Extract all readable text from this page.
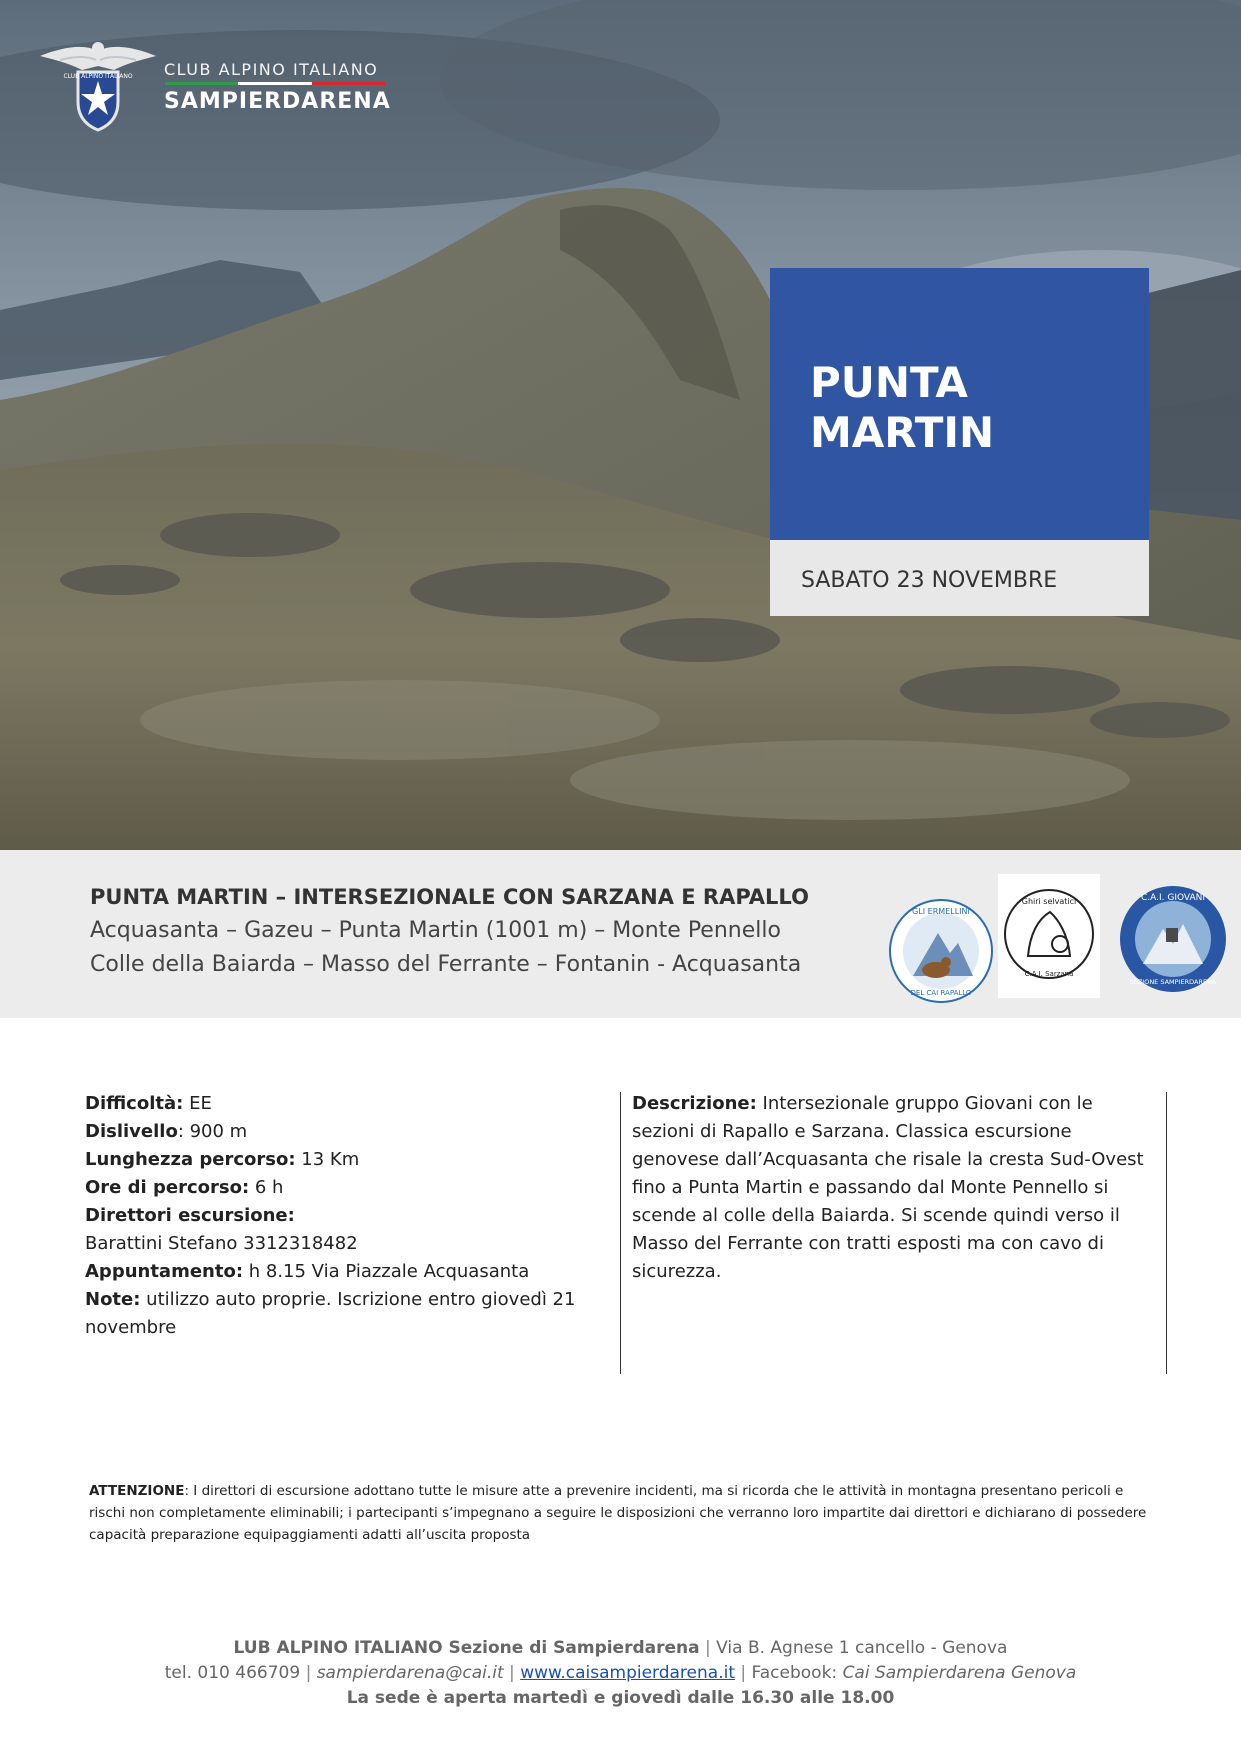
CLUB ALPINO ITALIANO CLUB ALPINO ITALIANO
SAMPIERDARENA
PUNTA
MARTIN
SABATO 23 NOVEMBRE
PUNTA MARTIN – INTERSEZIONALE CON SARZANA E RAPALLO
Acquasanta – Gazeu – Punta Martin (1001 m) – Monte Pennello
Colle della Baiarda – Masso del Ferrante – Fontanin - Acquasanta
GLI ERMELLINI
DEL CAI RAPALLO
Ghiri selvatici
C.A.I. Sarzana
C.A.I. GIOVANI
SEZIONE SAMPIERDARENA
Difficoltà: EE
Dislivello: 900 m
Lunghezza percorso: 13 Km
Ore di percorso: 6 h
Direttori escursione:
Barattini Stefano 3312318482
Appuntamento: h 8.15 Via Piazzale Acquasanta
Note: utilizzo auto proprie. Iscrizione entro giovedì 21 novembre
Descrizione: Intersezionale gruppo Giovani con le sezioni di Rapallo e Sarzana. Classica escursione genovese dall’Acquasanta che risale la cresta Sud-Ovest fino a Punta Martin e passando dal Monte Pennello si scende al colle della Baiarda. Si scende quindi verso il Masso del Ferrante con tratti esposti ma con cavo di sicurezza.
ATTENZIONE: I direttori di escursione adottano tutte le misure atte a prevenire incidenti, ma si ricorda che le attività in montagna presentano pericoli e rischi non completamente eliminabili; i partecipanti s’impegnano a seguire le disposizioni che verranno loro impartite dai direttori e dichiarano di possedere capacità preparazione equipaggiamenti adatti all’uscita proposta
LUB ALPINO ITALIANO Sezione di Sampierdarena | Via B. Agnese 1 cancello - Genova
tel. 010 466709 | sampierdarena@cai.it | www.caisampierdarena.it | Facebook: Cai Sampierdarena Genova
La sede è aperta martedì e giovedì dalle 16.30 alle 18.00
